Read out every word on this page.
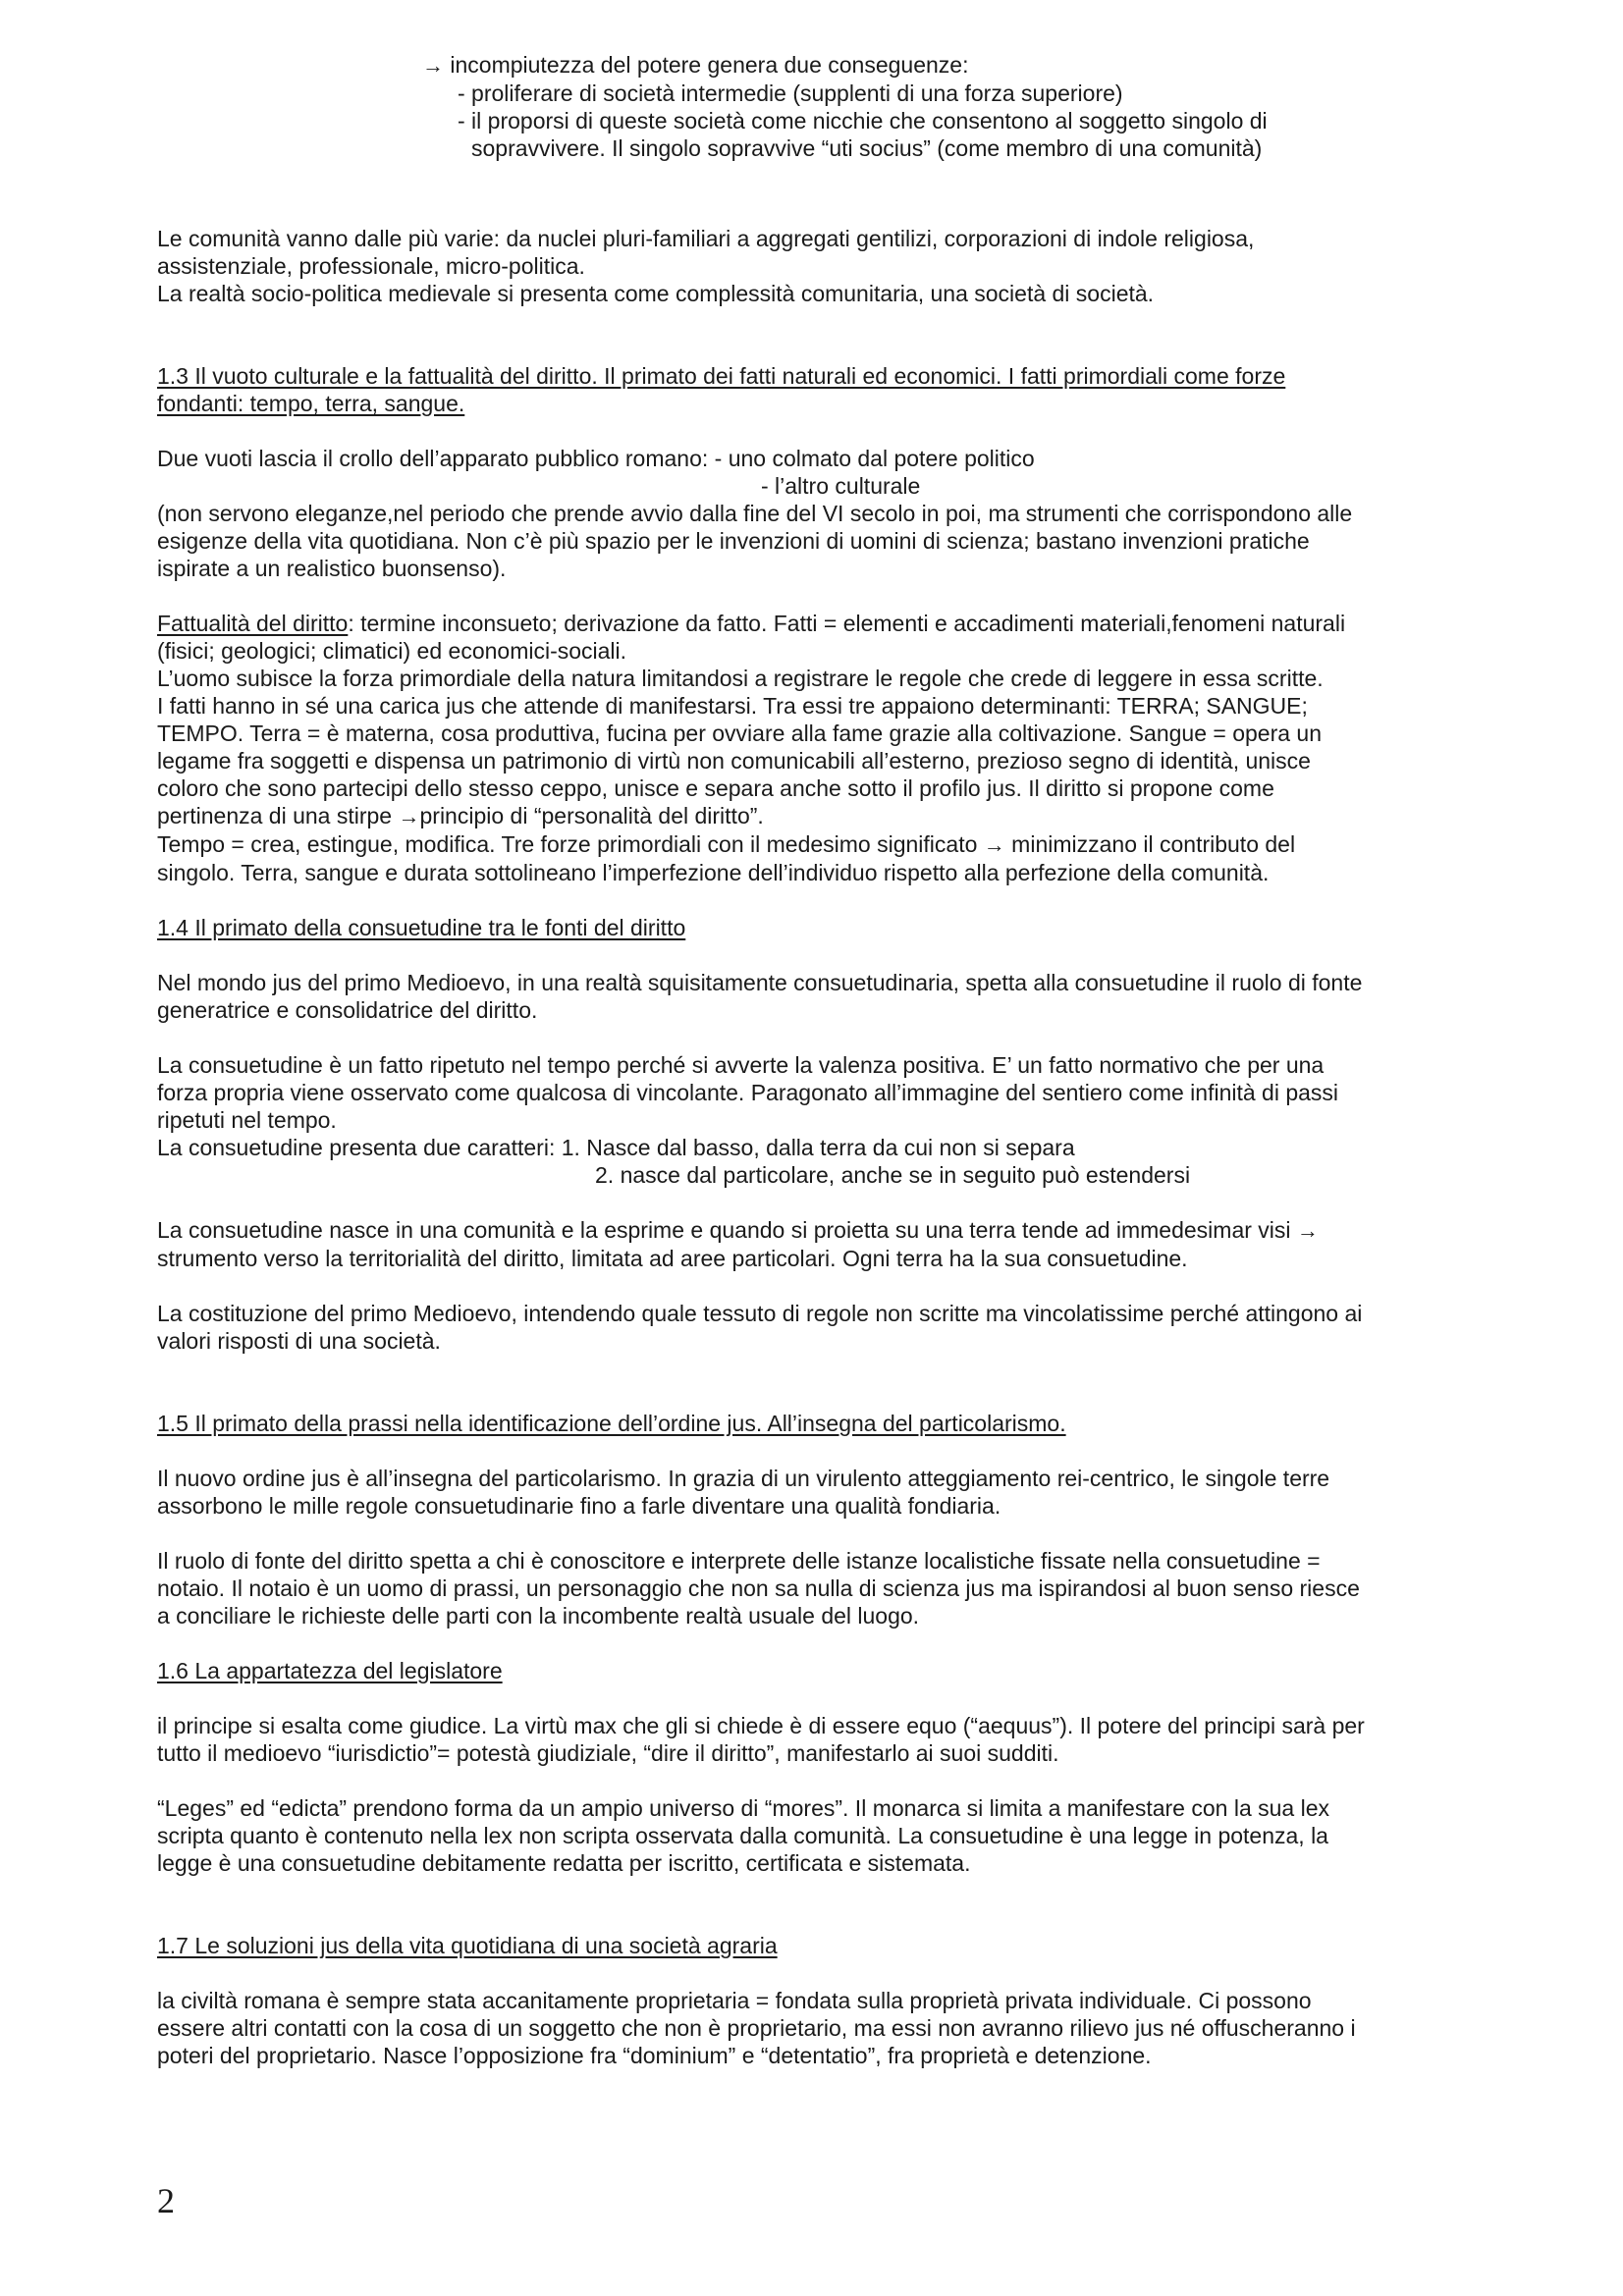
→ incompiutezza del potere genera due conseguenze:
- proliferare di società intermedie (supplenti di una forza superiore)
- il proporsi di queste società come nicchie che consentono al soggetto singolo di
sopravvivere. Il singolo sopravvive “uti socius” (come membro di una comunità)
Le comunità vanno dalle più varie: da nuclei pluri-familiari a aggregati gentilizi, corporazioni di indole religiosa,
assistenziale, professionale, micro-politica.
La realtà socio-politica medievale si presenta come complessità comunitaria, una società di società.
1.3 Il vuoto culturale e la fattualità del diritto. Il primato dei fatti naturali ed economici. I fatti primordiali come forze
fondanti: tempo, terra, sangue.
Due vuoti lascia il crollo dell’apparato pubblico romano: - uno colmato dal potere politico
- l’altro culturale
(non servono eleganze,nel periodo che prende avvio dalla fine del VI secolo in poi, ma strumenti che corrispondono alle
esigenze della vita quotidiana. Non c’è più spazio per le invenzioni di uomini di scienza; bastano invenzioni pratiche
ispirate a un realistico buonsenso).
Fattualità del diritto: termine inconsueto; derivazione da fatto. Fatti = elementi e accadimenti materiali,fenomeni naturali
(fisici; geologici; climatici) ed economici-sociali.
L’uomo subisce la forza primordiale della natura limitandosi a registrare le regole che crede di leggere in essa scritte.
I fatti hanno in sé una carica jus che attende di manifestarsi. Tra essi tre appaiono determinanti: TERRA; SANGUE;
TEMPO. Terra = è materna, cosa produttiva, fucina per ovviare alla fame grazie alla coltivazione. Sangue = opera un
legame fra soggetti e dispensa un patrimonio di virtù non comunicabili all’esterno, prezioso segno di identità, unisce
coloro che sono partecipi dello stesso ceppo, unisce e separa anche sotto il profilo jus. Il diritto si propone come
pertinenza di una stirpe →principio di “personalità del diritto”.
Tempo = crea, estingue, modifica. Tre forze primordiali con il medesimo significato → minimizzano il contributo del
singolo. Terra, sangue e durata sottolineano l’imperfezione dell’individuo rispetto alla perfezione della comunità.
1.4 Il primato della consuetudine tra le fonti del diritto
Nel mondo jus del primo Medioevo, in una realtà squisitamente consuetudinaria, spetta alla consuetudine il ruolo di fonte
generatrice e consolidatrice del diritto.
La consuetudine è un fatto ripetuto nel tempo perché si avverte la valenza positiva. E’ un fatto normativo che per una
forza propria viene osservato come qualcosa di vincolante. Paragonato all’immagine del sentiero come infinità di passi
ripetuti nel tempo.
La consuetudine presenta due caratteri: 1. Nasce dal basso, dalla terra da cui non si separa
2. nasce dal particolare, anche se in seguito può estendersi
La consuetudine nasce in una comunità e la esprime e quando si proietta su una terra tende ad immedesimar visi →
strumento verso la territorialità del diritto, limitata ad aree particolari. Ogni terra ha la sua consuetudine.
La costituzione del primo Medioevo, intendendo quale tessuto di regole non scritte ma vincolatissime perché attingono ai
valori risposti di una società.
1.5 Il primato della prassi nella identificazione dell’ordine jus. All’insegna del particolarismo.
Il nuovo ordine jus è all’insegna del particolarismo. In grazia di un virulento atteggiamento rei-centrico, le singole terre
assorbono le mille regole consuetudinarie fino a farle diventare una qualità fondiaria.
Il ruolo di fonte del diritto spetta a chi è conoscitore e interprete delle istanze localistiche fissate nella consuetudine =
notaio. Il notaio è un uomo di prassi, un personaggio che non sa nulla di scienza jus ma ispirandosi al buon senso riesce
a conciliare le richieste delle parti con la incombente realtà usuale del luogo.
1.6 La appartatezza del legislatore
il principe si esalta come giudice. La virtù max che gli si chiede è di essere equo (“aequus”). Il potere del principi sarà per
tutto il medioevo “iurisdictio”= potestà giudiziale, “dire il diritto”, manifestarlo ai suoi sudditi.
“Leges” ed “edicta” prendono forma da un ampio universo di “mores”. Il monarca si limita a manifestare con la sua lex
scripta quanto è contenuto nella lex non scripta osservata dalla comunità. La consuetudine è una legge in potenza, la
legge è una consuetudine debitamente redatta per iscritto, certificata e sistemata.
1.7 Le soluzioni jus della vita quotidiana di una società agraria
la civiltà romana è sempre stata accanitamente proprietaria = fondata sulla proprietà privata individuale. Ci possono
essere altri contatti con la cosa di un soggetto che non è proprietario, ma essi non avranno rilievo jus né offuscheranno i
poteri del proprietario. Nasce l’opposizione fra “dominium” e “detentatio”, fra proprietà e detenzione.
2
